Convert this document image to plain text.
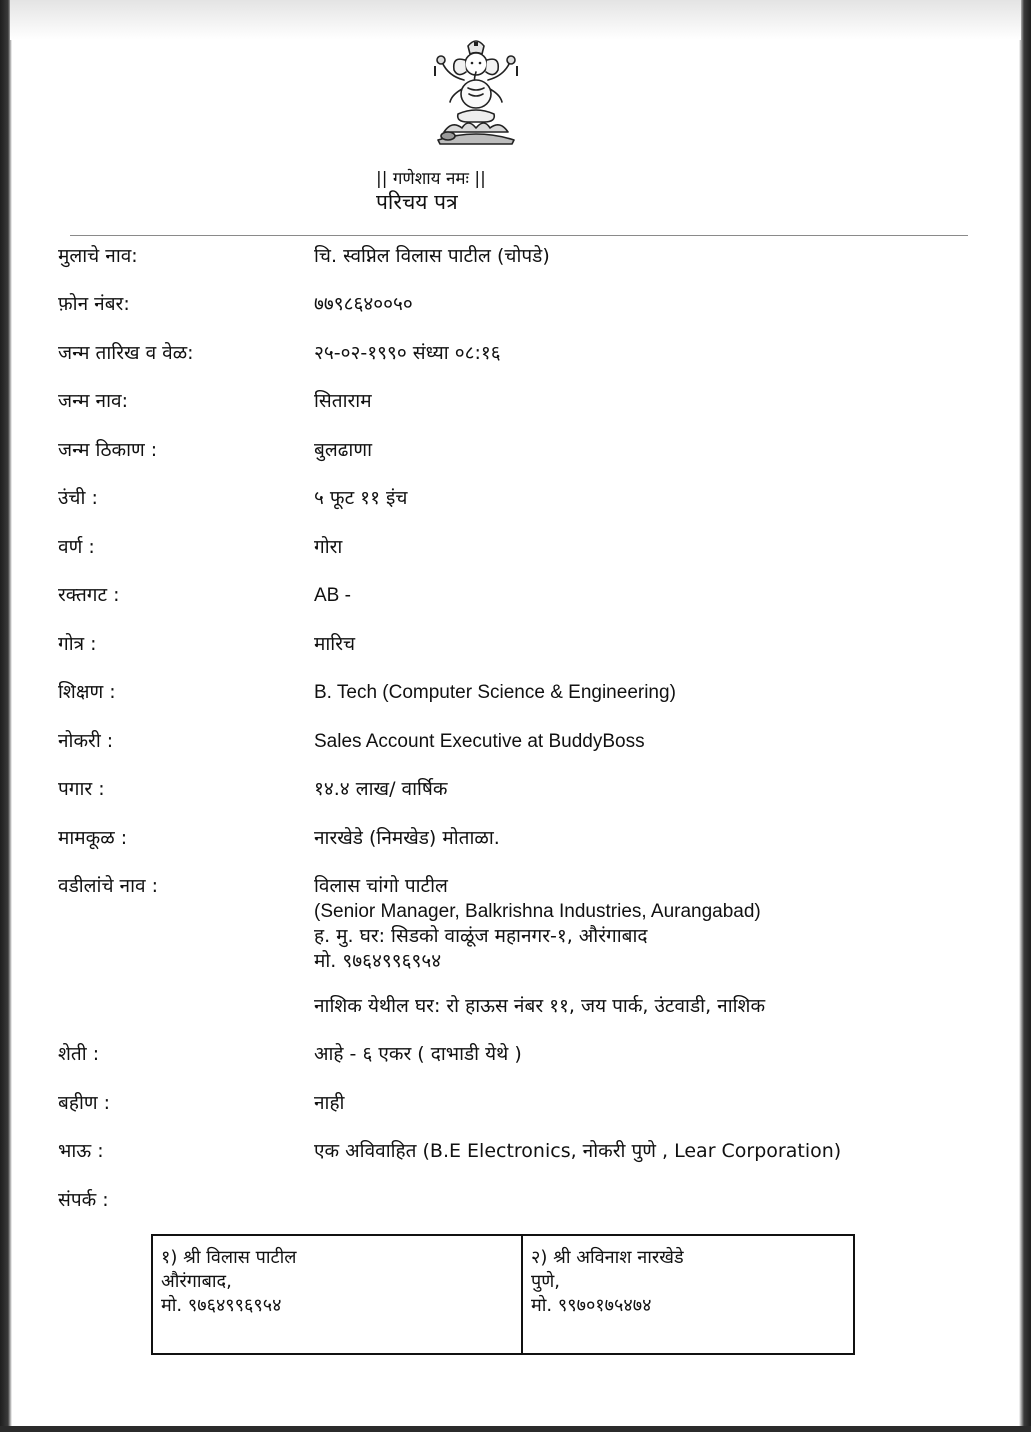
|| गणेशाय नमः ||
परिचय पत्र
मुलाचे नाव:	चि. स्वप्निल विलास पाटील (चोपडे)
फ़ोन नंबर:	७७९८६४००५०
जन्म तारिख व वेळ:	२५-०२-१९९० संध्या ०८:१६
जन्म नाव:	सिताराम
जन्म ठिकाण :	बुलढाणा
उंची :	५ फूट ११ इंच
वर्ण :	गोरा
रक्तगट :	AB -
गोत्र :	मारिच
शिक्षण :	B. Tech (Computer Science & Engineering)
नोकरी :	Sales Account Executive at BuddyBoss
पगार :	१४.४ लाख/ वार्षिक
मामकूळ :	नारखेडे (निमखेड) मोताळा.
वडीलांचे नाव :	विलास चांगो पाटील
(Senior Manager, Balkrishna Industries, Aurangabad)
ह. मु. घर: सिडको वाळूंज महानगर-१, औरंगाबाद
मो. ९७६४९९६९५४
नाशिक येथील घर: रो हाऊस नंबर ११, जय पार्क, उंटवाडी, नाशिक
शेती :	आहे - ६ एकर ( दाभाडी येथे )
बहीण :	नाही
भाऊ :	एक अविवाहित (B.E Electronics, नोकरी पुणे , Lear Corporation)
संपर्क :
१) श्री विलास पाटील
औरंगाबाद,
मो. ९७६४९९६९५४
२) श्री अविनाश नारखेडे
पुणे,
मो. ९९७०१७५४७४
